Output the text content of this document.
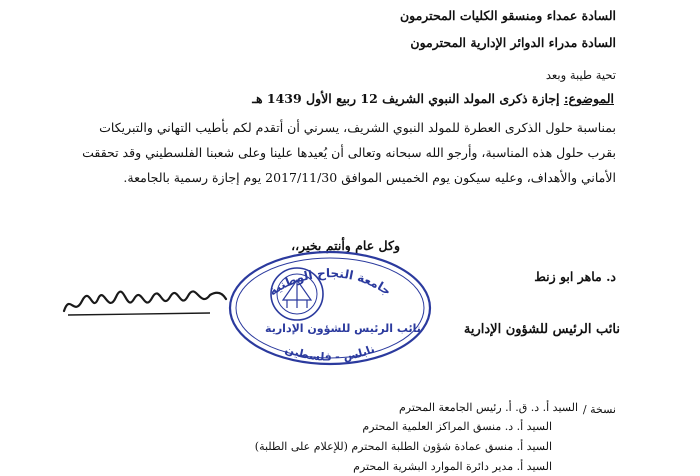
السادة عمداء ومنسقو الكليات المحترمون
السادة مدراء الدوائر الإدارية المحترمون
تحية طيبة وبعد
الموضوع: إجازة ذكرى المولد النبوي الشريف 12 ربيع الأول 1439 هـ
بمناسبة حلول الذكرى العطرة للمولد النبوي الشريف، يسرني أن أتقدم لكم بأطيب التهاني والتبريكات
بقرب حلول هذه المناسبة، وأرجو الله سبحانه وتعالى أن يُعيدها علينا وعلى شعبنا الفلسطيني وقد تحققت
الأماني والأهداف، وعليه سيكون يوم الخميس الموافق 2017/11/30 يوم إجازة رسمية بالجامعة.
وكل عام وأنتم بخير،،
د. ماهر ابو زنط
نائب الرئيس للشؤون الإدارية
جامعة النجاح الوطنية
نائب الرئيس للشؤون الإدارية
نابلس - فلسطين
نسخة /
السيد أ. د. ق. أ. رئيس الجامعة المحترم
السيد أ. د. منسق المراكز العلمية المحترم
السيد أ. منسق عمادة شؤون الطلبة المحترم (للإعلام على الطلبة)
السيد أ. مدير دائرة الموارد البشرية المحترم
